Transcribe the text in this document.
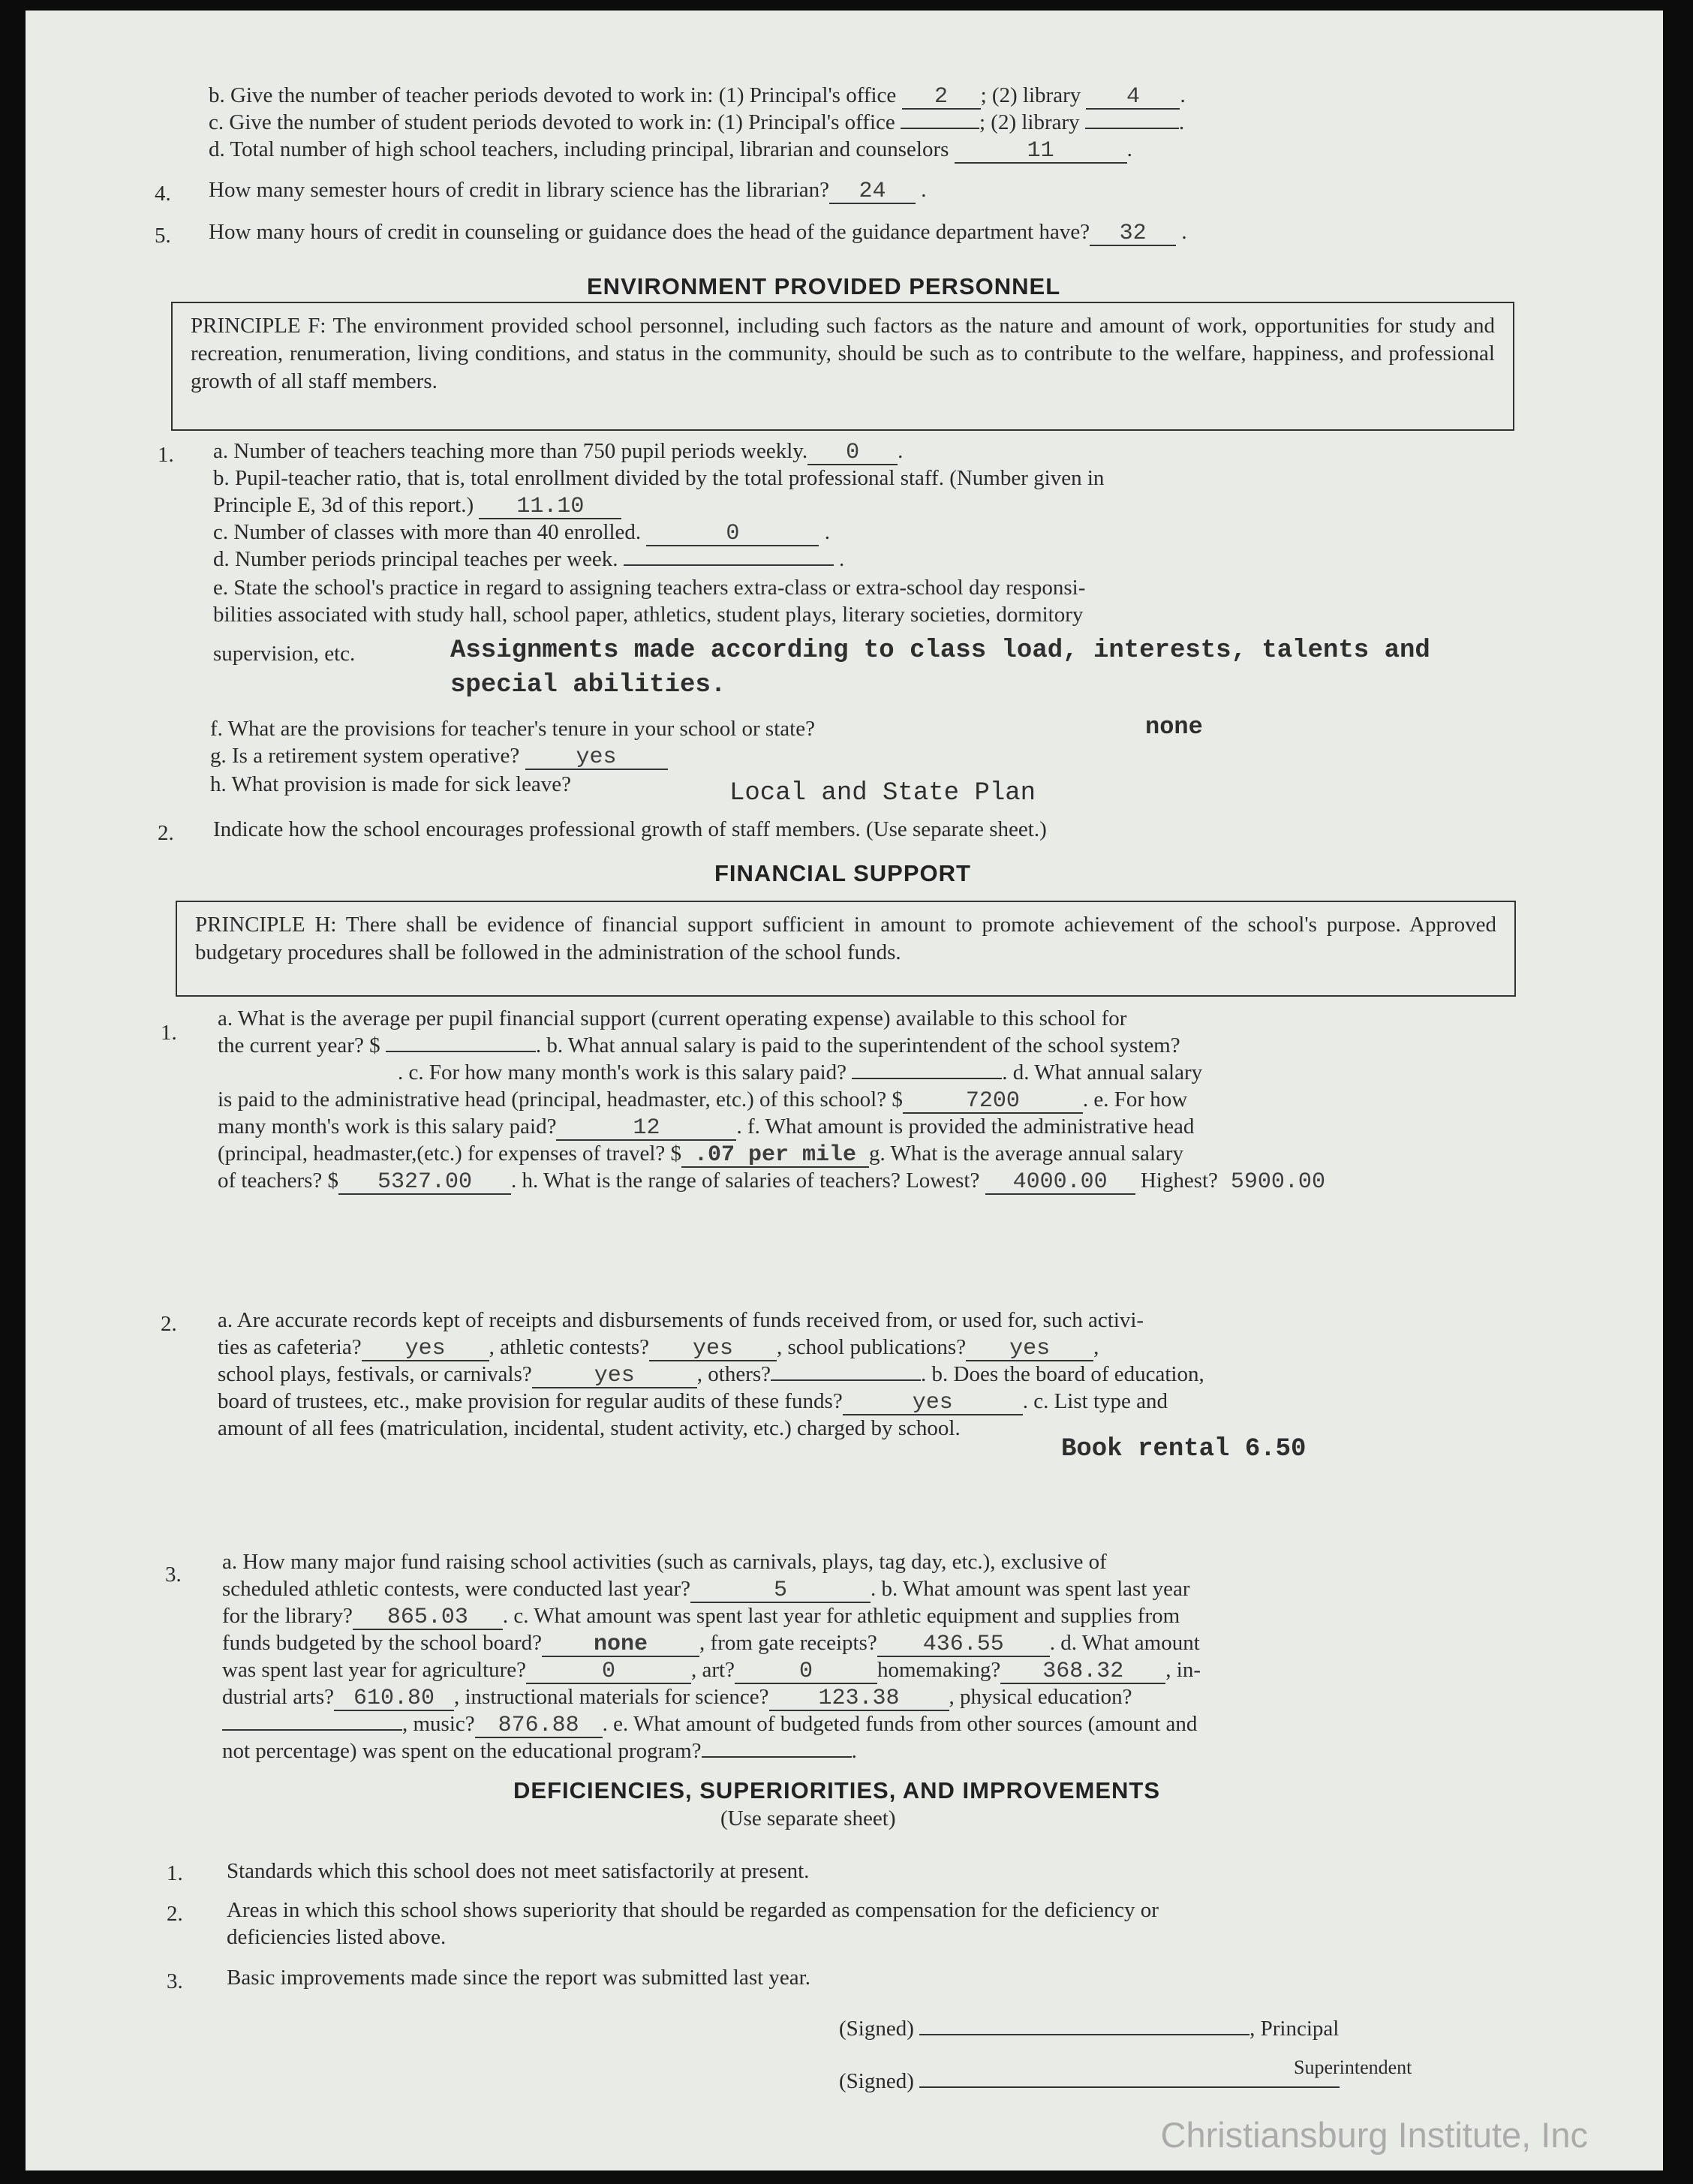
b. Give the number of teacher periods devoted to work in: (1) Principal's office 2 ; (2) library 4 .
c. Give the number of student periods devoted to work in: (1) Principal's office	; (2) library	.
d. Total number of high school teachers, including principal, librarian and counselors	11	.
4. How many semester hours of credit in library science has the librarian? 24 .
5. How many hours of credit in counseling or guidance does the head of the guidance department have? 32 .
ENVIRONMENT PROVIDED PERSONNEL
PRINCIPLE F: The environment provided school personnel, including such factors as the nature and amount of work, opportunities for study and recreation, renumeration, living conditions, and status in the community, should be such as to contribute to the welfare, happiness, and professional growth of all staff members.
1. a. Number of teachers teaching more than 750 pupil periods weekly. 0 .
b. Pupil-teacher ratio, that is, total enrollment divided by the total professional staff. (Number given in
Principle E, 3d of this report.) 11.10
c. Number of classes with more than 40 enrolled.	0	.
d. Number periods principal teaches per week.	.
e. State the school's practice in regard to assigning teachers extra-class or extra-school day responsi-
bilities associated with study hall, school paper, athletics, student plays, literary societies, dormitory
supervision, etc.	Assignments made according to class load, interests, talents and
special abilities.
f. What are the provisions for teacher's tenure in your school or state?	none
g. Is a retirement system operative?	yes
h. What provision is made for sick leave?	Local and State Plan
2. Indicate how the school encourages professional growth of staff members. (Use separate sheet.)
FINANCIAL SUPPORT
PRINCIPLE H: There shall be evidence of financial support sufficient in amount to promote achievement of the school's purpose. Approved budgetary procedures shall be followed in the administration of the school funds.
1.
a. What is the average per pupil financial support (current operating expense) available to this school for
the current year? $	. b. What annual salary is paid to the superintendent of the school system?
. c. For how many month's work is this salary paid?	. d. What annual salary
is paid to the administrative head (principal, headmaster, etc.) of this school? $	7200	. e. For how
many month's work is this salary paid?	12	. f. What amount is provided the administrative head
(principal, headmaster,(etc.) for expenses of travel? $ .07 per mile g. What is the average annual salary
of teachers? $ 5327.00 . h. What is the range of salaries of teachers? Lowest? 4000.00 Highest? 5900.00
2. a. Are accurate records kept of receipts and disbursements of funds received from, or used for, such activi-
ties as cafeteria? yes , athletic contests? yes , school publications? yes ,
school plays, festivals, or carnivals?	yes	, others?	. b. Does the board of education,
board of trustees, etc., make provision for regular audits of these funds?	yes	. c. List type and
amount of all fees (matriculation, incidental, student activity, etc.) charged by school.
Book rental 6.50
3.
a. How many major fund raising school activities (such as carnivals, plays, tag day, etc.), exclusive of
scheduled athletic contests, were conducted last year?	5	. b. What amount was spent last year
for the library? 865.03 . c. What amount was spent last year for athletic equipment and supplies from
funds budgeted by the school board? none , from gate receipts? 436.55 . d. What amount
was spent last year for agriculture?	0	, art?	0	homemaking? 368.32 , in-
dustrial arts? 610.80 , instructional materials for science? 123.38 , physical education?
, music? 876.88 . e. What amount of budgeted funds from other sources (amount and
not percentage) was spent on the educational program?	.
DEFICIENCIES, SUPERIORITIES, AND IMPROVEMENTS
(Use separate sheet)
1. Standards which this school does not meet satisfactorily at present.
2. Areas in which this school shows superiority that should be regarded as compensation for the deficiency or
deficiencies listed above.
3. Basic improvements made since the report was submitted last year.
(Signed)	, Principal
(Signed)
Superintendent
Christiansburg Institute, Inc
